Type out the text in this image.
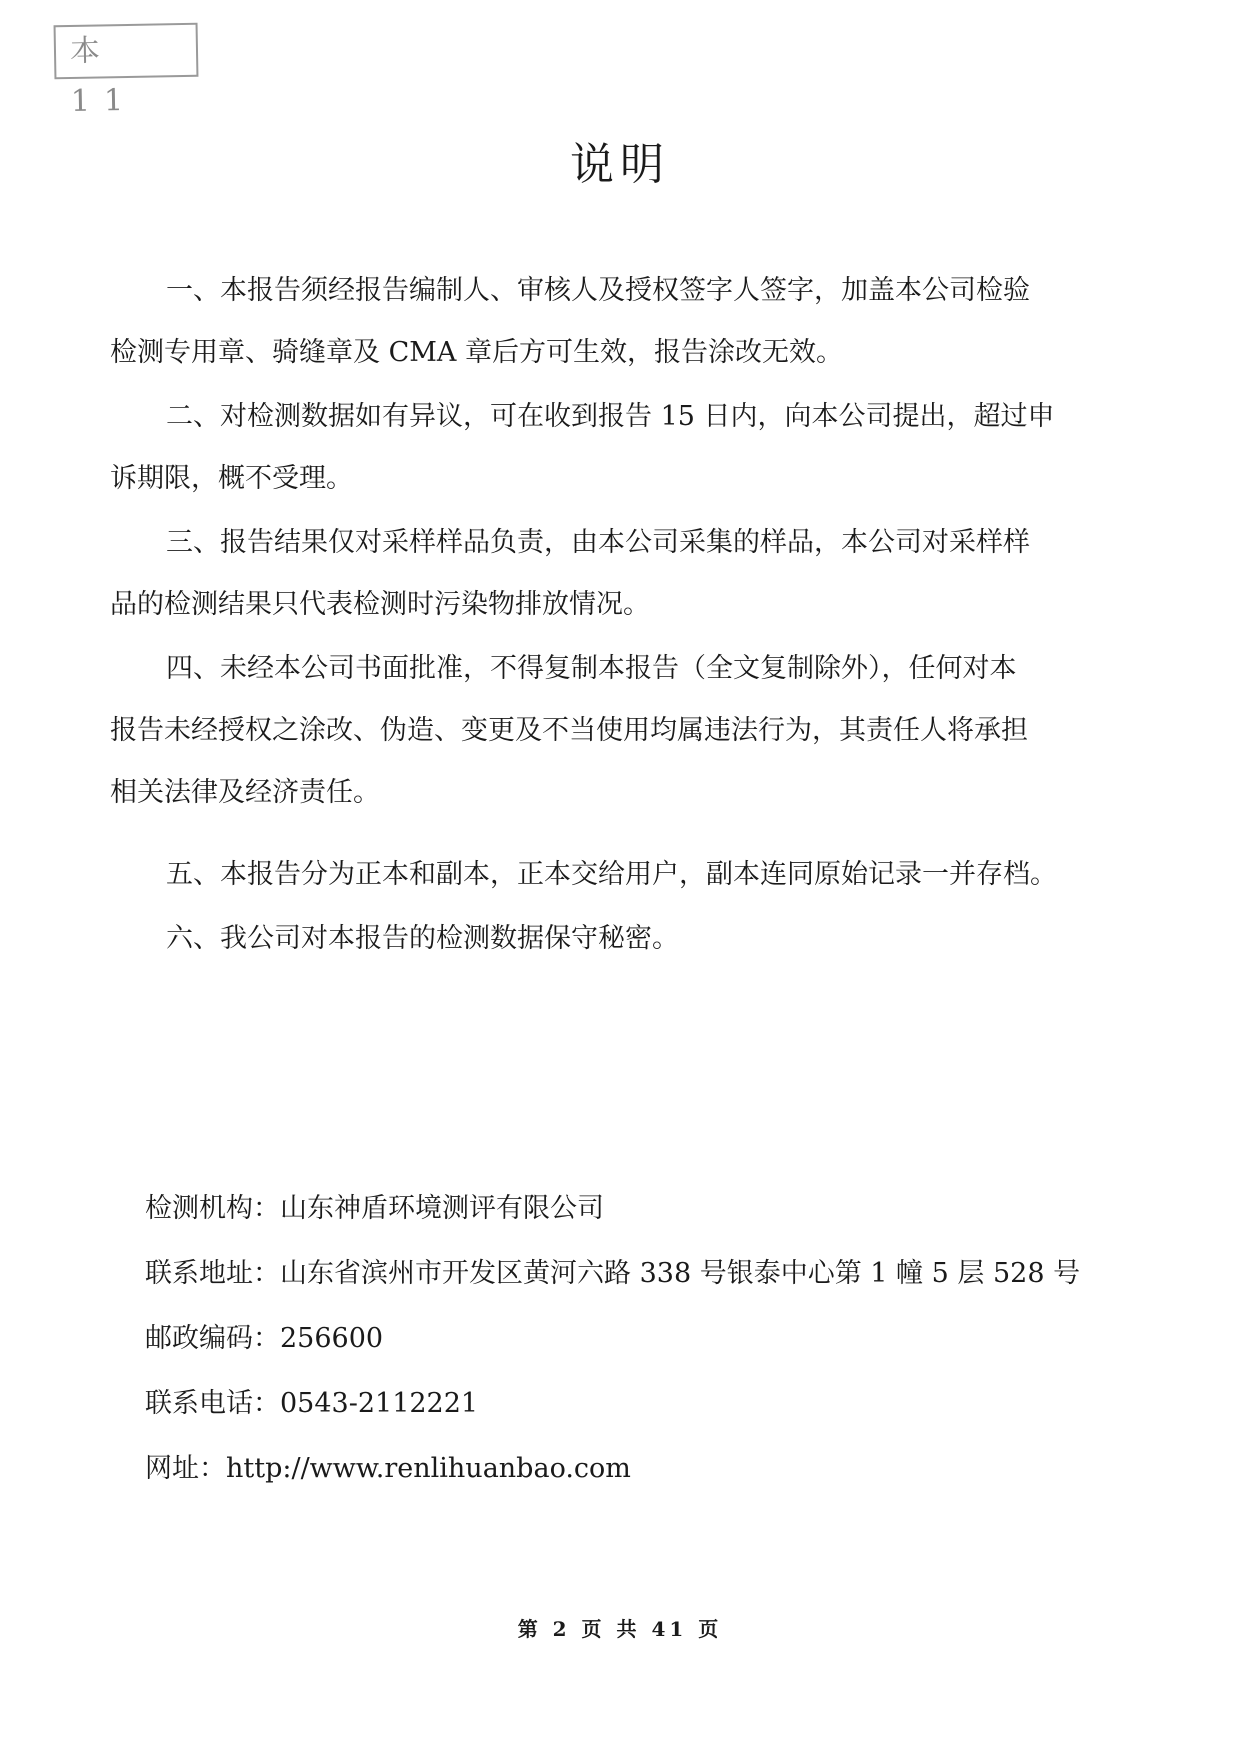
本 11
说明
一、本报告须经报告编制人、审核人及授权签字人签字，加盖本公司检验
检测专用章、骑缝章及 CMA 章后方可生效，报告涂改无效。
二、对检测数据如有异议，可在收到报告 15 日内，向本公司提出，超过申
诉期限，概不受理。
三、报告结果仅对采样样品负责，由本公司采集的样品，本公司对采样样
品的检测结果只代表检测时污染物排放情况。
四、未经本公司书面批准，不得复制本报告（全文复制除外），任何对本
报告未经授权之涂改、伪造、变更及不当使用均属违法行为，其责任人将承担
相关法律及经济责任。
五、本报告分为正本和副本，正本交给用户，副本连同原始记录一并存档。
六、我公司对本报告的检测数据保守秘密。
检测机构：山东神盾环境测评有限公司
联系地址：山东省滨州市开发区黄河六路 338 号银泰中心第 1 幢 5 层 528 号
邮政编码：256600
联系电话：0543-2112221
网址：http://www.renlihuanbao.com
第 2 页 共 41 页
